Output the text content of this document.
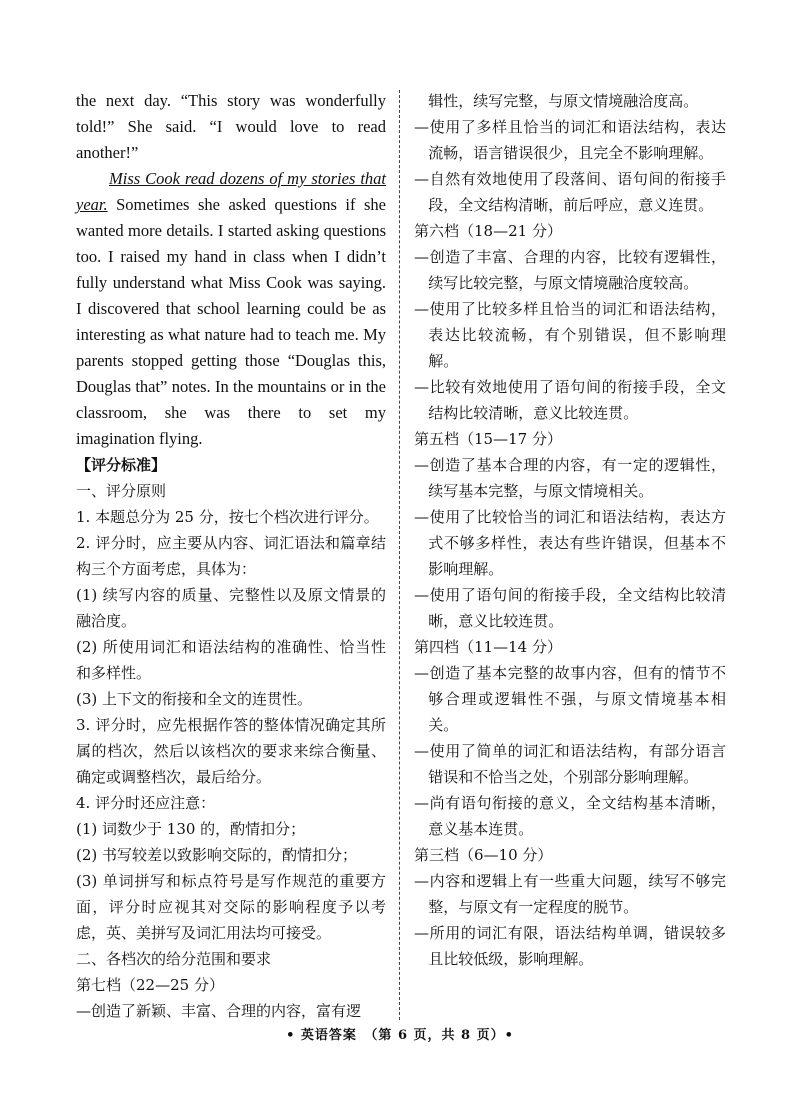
the next day. “This story was wonderfully told!” She said. “I would love to read another!”

Miss Cook read dozens of my stories that year. Sometimes she asked questions if she wanted more details. I started asking questions too. I raised my hand in class when I didn’t fully understand what Miss Cook was saying. I discovered that school learning could be as interesting as what nature had to teach me. My parents stopped getting those “Douglas this, Douglas that” notes. In the mountains or in the classroom, she was there to set my imagination flying.

【评分标准】

一、评分原则

1. 本题总分为 25 分，按七个档次进行评分。

2. 评分时，应主要从内容、词汇语法和篇章结构三个方面考虑，具体为：

(1) 续写内容的质量、完整性以及原文情景的融洽度。

(2) 所使用词汇和语法结构的准确性、恰当性和多样性。

(3) 上下文的衔接和全文的连贯性。

3. 评分时，应先根据作答的整体情况确定其所属的档次，然后以该档次的要求来综合衡量、确定或调整档次，最后给分。

4. 评分时还应注意：

(1) 词数少于 130 的，酌情扣分；

(2) 书写较差以致影响交际的，酌情扣分；

(3) 单词拼写和标点符号是写作规范的重要方面，评分时应视其对交际的影响程度予以考虑，英、美拼写及词汇用法均可接受。

二、各档次的给分范围和要求

第七档（22—25 分）

—创造了新颖、丰富、合理的内容，富有逻

辑性，续写完整，与原文情境融洽度高。

—使用了多样且恰当的词汇和语法结构，表达流畅，语言错误很少，且完全不影响理解。

—自然有效地使用了段落间、语句间的衔接手段，全文结构清晰，前后呼应，意义连贯。

第六档（18—21 分）

—创造了丰富、合理的内容，比较有逻辑性，续写比较完整，与原文情境融洽度较高。

—使用了比较多样且恰当的词汇和语法结构，表达比较流畅，有个别错误，但不影响理解。

—比较有效地使用了语句间的衔接手段，全文结构比较清晰，意义比较连贯。

第五档（15—17 分）

—创造了基本合理的内容，有一定的逻辑性，续写基本完整，与原文情境相关。

—使用了比较恰当的词汇和语法结构，表达方式不够多样性，表达有些许错误，但基本不影响理解。

—使用了语句间的衔接手段，全文结构比较清晰，意义比较连贯。

第四档（11—14 分）

—创造了基本完整的故事内容，但有的情节不够合理或逻辑性不强，与原文情境基本相关。

—使用了简单的词汇和语法结构，有部分语言错误和不恰当之处，个别部分影响理解。

—尚有语句衔接的意义，全文结构基本清晰，意义基本连贯。

第三档（6—10 分）

—内容和逻辑上有一些重大问题，续写不够完整，与原文有一定程度的脱节。

—所用的词汇有限，语法结构单调，错误较多且比较低级，影响理解。

• 英语答案　（第 6 页，共 8 页）•
